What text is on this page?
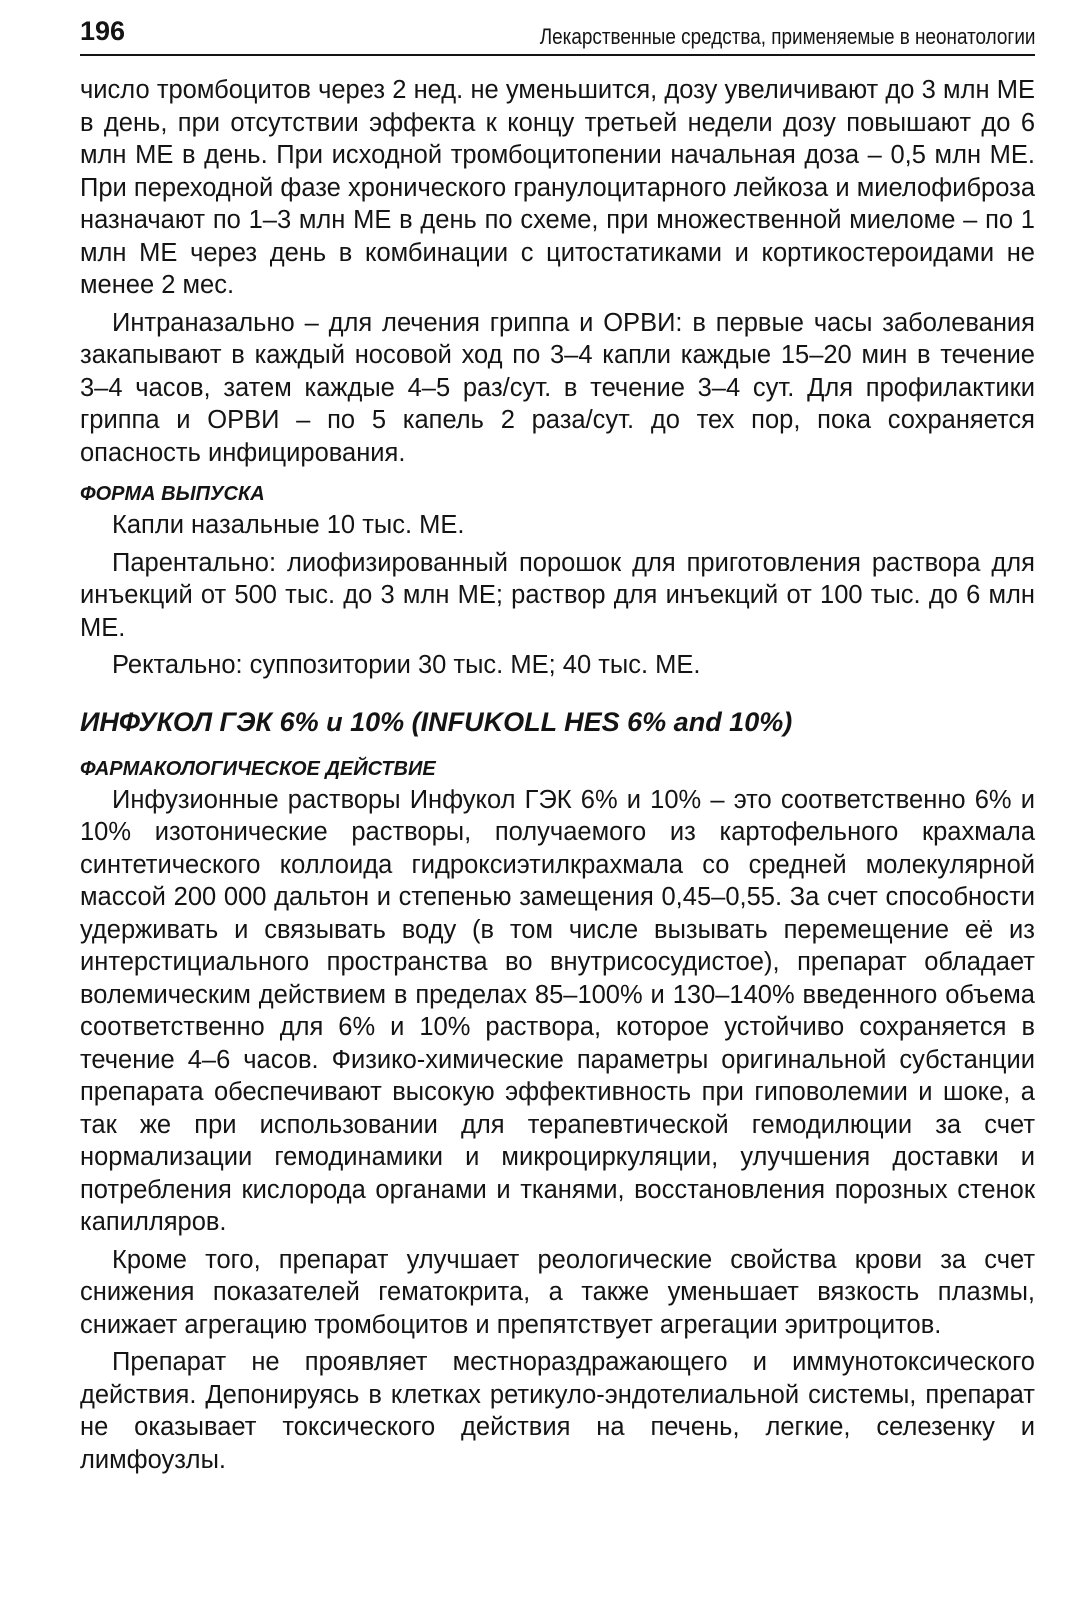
196	Лекарственные средства, применяемые в неонатологии

число тромбоцитов через 2 нед. не уменьшится, дозу увеличивают до 3 млн МЕ в день, при отсутствии эффекта к концу третьей недели дозу повышают до 6 млн МЕ в день. При исходной тромбоцитопении начальная доза – 0,5 млн МЕ. При переходной фазе хронического гранулоцитарного лейкоза и миелофиброза назначают по 1–3 млн МЕ в день по схеме, при множественной миеломе – по 1 млн МЕ через день в комбинации с цитостатиками и кортикостероидами не менее 2 мес.

Интраназально – для лечения гриппа и ОРВИ: в первые часы заболевания закапывают в каждый носовой ход по 3–4 капли каждые 15–20 мин в течение 3–4 часов, затем каждые 4–5 раз/сут. в течение 3–4 сут. Для профилактики гриппа и ОРВИ – по 5 капель 2 раза/сут. до тех пор, пока сохраняется опасность инфицирования.

ФОРМА ВЫПУСКА

Капли назальные 10 тыс. МЕ.

Парентально: лиофизированный порошок для приготовления раствора для инъекций от 500 тыс. до 3 млн МЕ; раствор для инъекций от 100 тыс. до 6 млн МЕ.

Ректально: суппозитории 30 тыс. МЕ; 40 тыс. МЕ.

ИНФУКОЛ ГЭК 6% и 10% (INFUKOLL HES 6% and 10%)
ФАРМАКОЛОГИЧЕСКОЕ ДЕЙСТВИЕ

Инфузионные растворы Инфукол ГЭК 6% и 10% – это соответственно 6% и 10% изотонические растворы, получаемого из картофельного крахмала синтетического коллоида гидроксиэтилкрахмала со средней молекулярной массой 200 000 дальтон и степенью замещения 0,45–0,55. За счет способности удерживать и связывать воду (в том числе вызывать перемещение её из интерстициального пространства во внутрисосудистое), препарат обладает волемическим действием в пределах 85–100% и 130–140% введенного объема соответственно для 6% и 10% раствора, которое устойчиво сохраняется в течение 4–6 часов. Физико-химические параметры оригинальной субстанции препарата обеспечивают высокую эффективность при гиповолемии и шоке, а так же при использовании для терапевтической гемодилюции за счет нормализации гемодинамики и микроциркуляции, улучшения доставки и потребления кислорода органами и тканями, восстановления порозных стенок капилляров.

Кроме того, препарат улучшает реологические свойства крови за счет снижения показателей гематокрита, а также уменьшает вязкость плазмы, снижает агрегацию тромбоцитов и препятствует агрегации эритроцитов.

Препарат не проявляет местнораздражающего и иммунотоксического действия. Депонируясь в клетках ретикуло-эндотелиальной системы, препарат не оказывает токсического действия на печень, легкие, селезенку и лимфоузлы.
